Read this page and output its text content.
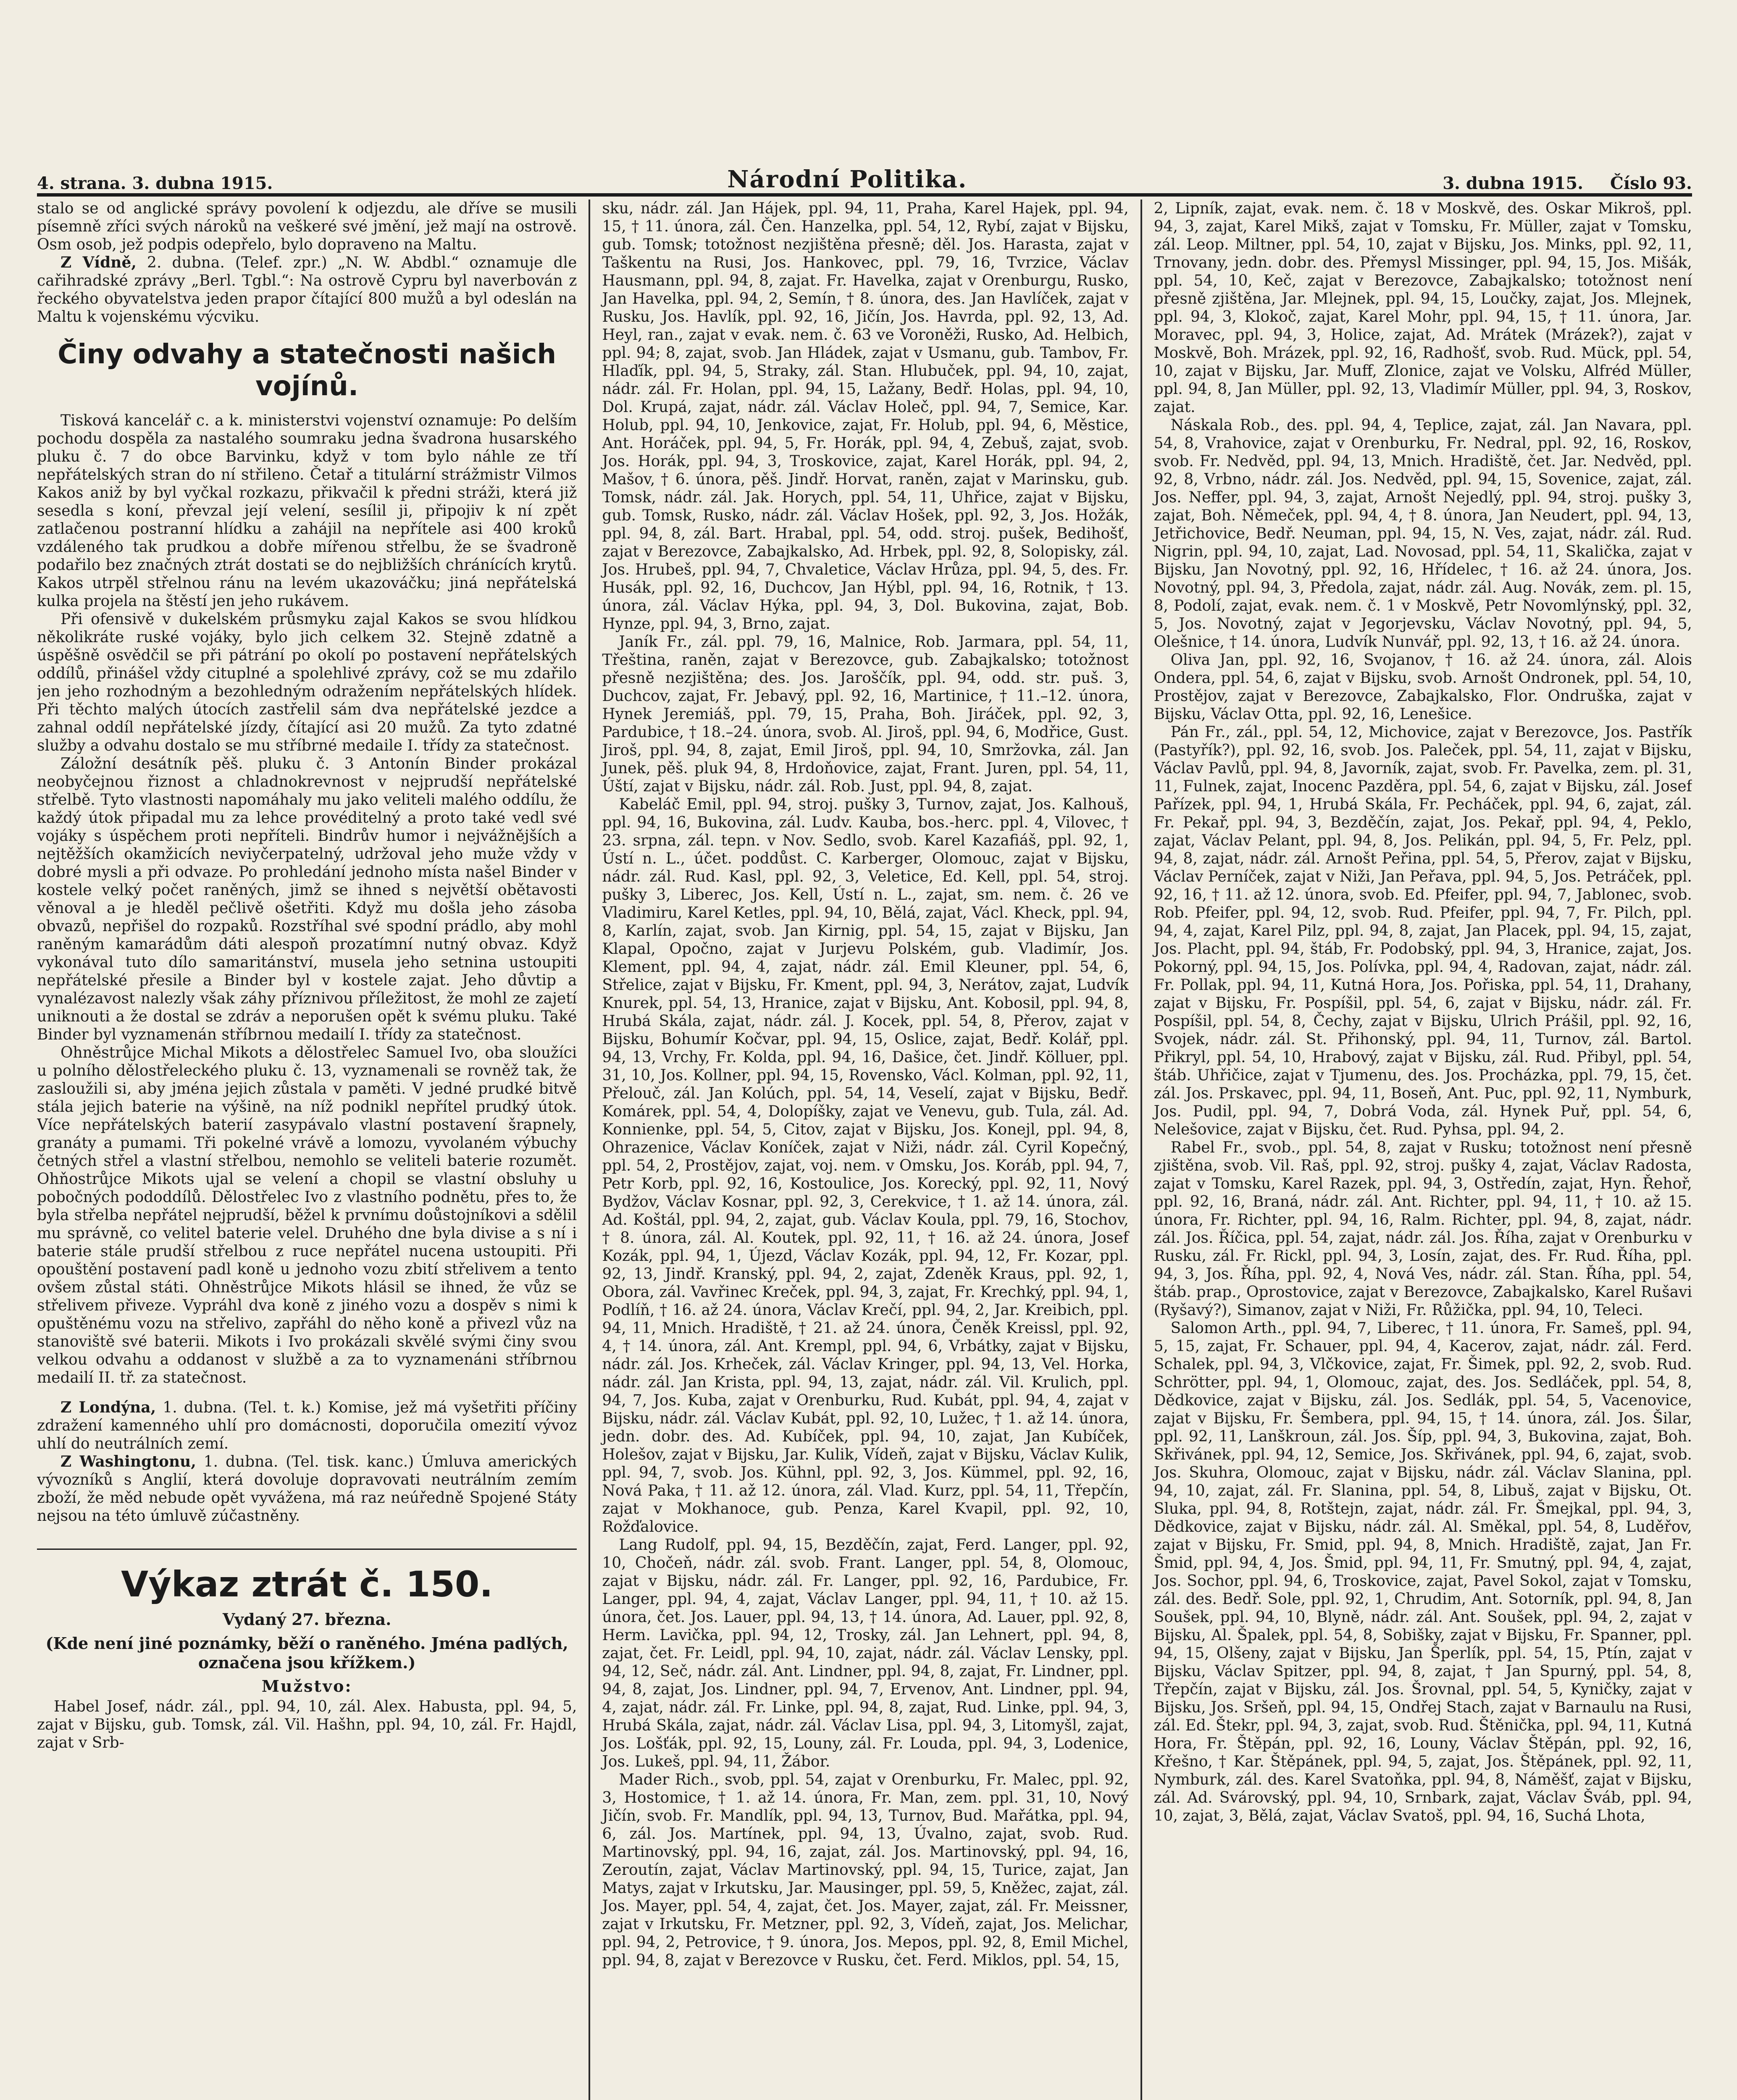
4. strana. 3. dubna 1915.	Národní Politika.	3. dubna 1915. Číslo 93.

stalo se od anglické správy povolení k odjezdu, ale dříve se musili písemně zříci svých nároků na veškeré své jmění, jež mají na ostrově. Osm osob, jež podpis odepřelo, bylo dopraveno na Maltu.

Z Vídně, 2. dubna. (Telef. zpr.) „N. W. Abdbl.“ oznamuje dle cařihradské zprávy „Berl. Tgbl.“: Na ostrově Cypru byl naverbován z řeckého obyvatelstva jeden prapor čítající 800 mužů a byl odeslán na Maltu k vojenskému výcviku.

Činy odvahy a statečnosti našich vojínů.

Tisková kancelář c. a k. ministerstvi vojenství oznamuje: Po delším pochodu dospěla za nastalého soumraku jedna švadrona husarského pluku č. 7 do obce Barvinku, když v tom bylo náhle ze tří nepřátelských stran do ní střileno. Četař a titulární strážmistr Vilmos Kakos aniž by byl vyčkal rozkazu, přikvačil k předni stráži, která již sesedla s koní, převzal její velení, sesílil ji, připojiv k ní zpět zatlačenou postranní hlídku a zahájil na nepřítele asi 400 kroků vzdáleného tak prudkou a dobře mířenou střelbu, že se švadroně podařilo bez značných ztrát dostati se do nejbližších chránících krytů. Kakos utrpěl střelnou ránu na levém ukazováčku; jiná nepřátelská kulka projela na štěstí jen jeho rukávem.

Při ofensivě v dukelském průsmyku zajal Kakos se svou hlídkou několikráte ruské vojáky, bylo jich celkem 32. Stejně zdatně a úspěšně osvědčil se při pátrání po okolí po postavení nepřátelských oddílů, přinášel vždy cituplné a spolehlivé zprávy, což se mu zdařilo jen jeho rozhodným a bezohledným odražením nepřátelských hlídek. Při těchto malých útocích zastřelil sám dva nepřátelské jezdce a zahnal oddíl nepřátelské jízdy, čítající asi 20 mužů. Za tyto zdatné služby a odvahu dostalo se mu stříbrné medaile I. třídy za statečnost.

Záložní desátník pěš. pluku č. 3 Antonín Binder prokázal neobyčejnou řiznost a chladnokrevnost v nejprudší nepřátelské střelbě. Tyto vlastnosti napomáhaly mu jako veliteli malého oddílu, že každý útok připadal mu za lehce provéditelný a proto také vedl své vojáky s úspěchem proti nepříteli. Bindrův humor i nejvážnějších a nejtěžších okamžicích neviyčerpatelný, udržoval jeho muže vždy v dobré mysli a při odvaze. Po prohledání jednoho místa našel Binder v kostele velký počet raněných, jimž se ihned s největší obětavosti věnoval a je hleděl pečlivě ošetřiti. Když mu došla jeho zásoba obvazů, nepřišel do rozpaků. Rozstříhal své spodní prádlo, aby mohl raněným kamarádům dáti alespoň prozatímní nutný obvaz. Když vykonával tuto dílo samaritánství, musela jeho setnina ustoupiti nepřátelské přesile a Binder byl v kostele zajat. Jeho důvtip a vynalézavost nalezly však záhy příznivou příležitost, že mohl ze zajetí uniknouti a že dostal se zdráv a neporušen opět k svému pluku. Také Binder byl vyznamenán stříbrnou medailí I. třídy za statečnost.

Ohněstrůjce Michal Mikots a dělostřelec Samuel Ivo, oba sloužíci u polního dělostřeleckého pluku č. 13, vyznamenali se rovněž tak, že zasloužili si, aby jména jejich zůstala v paměti. V jedné prudké bitvě stála jejich baterie na výšině, na níž podnikl nepřítel prudký útok. Více nepřátelských baterií zasypávalo vlastní postavení šrapnely, granáty a pumami. Tři pokelné vrávě a lomozu, vyvolaném výbuchy četných střel a vlastní střelbou, nemohlo se veliteli baterie rozumět. Ohňostrůjce Mikots ujal se velení a chopil se vlastní obsluhy u pobočných pododdílů. Dělostřelec Ivo z vlastního podnětu, přes to, že byla střelba nepřátel nejprudší, běžel k prvnímu doůstojníkovi a sdělil mu správně, co velitel baterie velel. Druhého dne byla divise a s ní i baterie stále prudší střelbou z ruce nepřátel nucena ustoupiti. Při opouštění postavení padl koně u jednoho vozu zbití střelivem a tento ovšem zůstal státi. Ohněstrůjce Mikots hlásil se ihned, že vůz se střelivem přiveze. Vypráhl dva koně z jiného vozu a dospěv s nimi k opuštěnému vozu na střelivo, zapřáhl do něho koně a přivezl vůz na stanoviště své baterii. Mikots i Ivo prokázali skvělé svými činy svou velkou odvahu a oddanost v službě a za to vyznamenáni stříbrnou medailí II. tř. za statečnost.

Z Londýna, 1. dubna. (Tel. t. k.) Komise, jež má vyšetřiti příčiny zdražení kamenného uhlí pro domácnosti, doporučila omezití vývoz uhlí do neutrálních zemí.

Z Washingtonu, 1. dubna. (Tel. tisk. kanc.) Úmluva amerických vývozníků s Anglií, která dovoluje dopravovati neutrálním zemím zboží, že měd nebude opět vyvážena, má raz neúředně Spojené Státy nejsou na této úmluvě zúčastněny.

Výkaz ztrát č. 150.
Vydaný 27. března.
(Kde není jiné poznámky, běží o raněného. Jména padlých, označena jsou křížkem.)
Mužstvo:

Habel Josef, nádr. zál., ppl. 94, 10, zál. Alex. Habusta, ppl. 94, 5, zajat v Bijsku, gub. Tomsk, zál. Vil. Hašhn, ppl. 94, 10, zál. Fr. Hajdl, zajat v Srb-

sku, nádr. zál. Jan Hájek, ppl. 94, 11, Praha, Karel Hajek, ppl. 94, 15, † 11. února, zál. Čen. Hanzelka, ppl. 54, 12, Rybí, zajat v Bijsku, gub. Tomsk; totožnost nezjištěna přesně; děl. Jos. Harasta, zajat v Taškentu na Rusi, Jos. Hankovec, ppl. 79, 16, Tvrzice, Václav Hausmann, ppl. 94, 8, zajat. Fr. Havelka, zajat v Orenburgu, Rusko, Jan Havelka, ppl. 94, 2, Semín, † 8. února, des. Jan Havlíček, zajat v Rusku, Jos. Havlík, ppl. 92, 16, Jičín, Jos. Havrda, ppl. 92, 13, Ad. Heyl, ran., zajat v evak. nem. č. 63 ve Voroněži, Rusko, Ad. Helbich, ppl. 94; 8, zajat, svob. Jan Hládek, zajat v Usmanu, gub. Tambov, Fr. Hlaďík, ppl. 94, 5, Straky, zál. Stan. Hlubuček, ppl. 94, 10, zajat, nádr. zál. Fr. Holan, ppl. 94, 15, Lažany, Bedř. Holas, ppl. 94, 10, Dol. Krupá, zajat, nádr. zál. Václav Holeč, ppl. 94, 7, Semice, Kar. Holub, ppl. 94, 10, Jenkovice, zajat, Fr. Holub, ppl. 94, 6, Městice, Ant. Horáček, ppl. 94, 5, Fr. Horák, ppl. 94, 4, Zebuš, zajat, svob. Jos. Horák, ppl. 94, 3, Troskovice, zajat, Karel Horák, ppl. 94, 2, Mašov, † 6. února, pěš. Jindř. Horvat, raněn, zajat v Marinsku, gub. Tomsk, nádr. zál. Jak. Horych, ppl. 54, 11, Uhřice, zajat v Bijsku, gub. Tomsk, Rusko, nádr. zál. Václav Hošek, ppl. 92, 3, Jos. Hožák, ppl. 94, 8, zál. Bart. Hrabal, ppl. 54, odd. stroj. pušek, Bedihošť, zajat v Berezovce, Zabajkalsko, Ad. Hrbek, ppl. 92, 8, Solopisky, zál. Jos. Hrubeš, ppl. 94, 7, Chvaletice, Václav Hrůza, ppl. 94, 5, des. Fr. Husák, ppl. 92, 16, Duchcov, Jan Hýbl, ppl. 94, 16, Rotnik, † 13. února, zál. Václav Hýka, ppl. 94, 3, Dol. Bukovina, zajat, Bob. Hynze, ppl. 94, 3, Brno, zajat.

Janík Fr., zál. ppl. 79, 16, Malnice, Rob. Jarmara, ppl. 54, 11, Třeština, raněn, zajat v Berezovce, gub. Zabajkalsko; totožnost přesně nezjištěna; des. Jos. Jaroščík, ppl. 94, odd. str. puš. 3, Duchcov, zajat, Fr. Jebavý, ppl. 92, 16, Martinice, † 11.–12. února, Hynek Jeremiáš, ppl. 79, 15, Praha, Boh. Jiráček, ppl. 92, 3, Pardubice, † 18.–24. února, svob. Al. Jiroš, ppl. 94, 6, Modřice, Gust. Jiroš, ppl. 94, 8, zajat, Emil Jiroš, ppl. 94, 10, Smržovka, zál. Jan Junek, pěš. pluk 94, 8, Hrdoňovice, zajat, Frant. Juren, ppl. 54, 11, Úští, zajat v Bijsku, nádr. zál. Rob. Just, ppl. 94, 8, zajat.

Kabeláč Emil, ppl. 94, stroj. pušky 3, Turnov, zajat, Jos. Kalhouš, ppl. 94, 16, Bukovina, zál. Ludv. Kauba, bos.-herc. ppl. 4, Vilovec, † 23. srpna, zál. tepn. v Nov. Sedlo, svob. Karel Kazafiáš, ppl. 92, 1, Ústí n. L., účet. poddůst. C. Karberger, Olomouc, zajat v Bijsku, nádr. zál. Rud. Kasl, ppl. 92, 3, Veletice, Ed. Kell, ppl. 54, stroj. pušky 3, Liberec, Jos. Kell, Ústí n. L., zajat, sm. nem. č. 26 ve Vladimiru, Karel Ketles, ppl. 94, 10, Bělá, zajat, Václ. Kheck, ppl. 94, 8, Karlín, zajat, svob. Jan Kirnig, ppl. 54, 15, zajat v Bijsku, Jan Klapal, Opočno, zajat v Jurjevu Polském, gub. Vladimír, Jos. Klement, ppl. 94, 4, zajat, nádr. zál. Emil Kleuner, ppl. 54, 6, Střelice, zajat v Bijsku, Fr. Kment, ppl. 94, 3, Nerátov, zajat, Ludvík Knurek, ppl. 54, 13, Hranice, zajat v Bijsku, Ant. Kobosil, ppl. 94, 8, Hrubá Skála, zajat, nádr. zál. J. Kocek, ppl. 54, 8, Přerov, zajat v Bijsku, Bohumír Kočvar, ppl. 94, 15, Oslice, zajat, Bedř. Kolář, ppl. 94, 13, Vrchy, Fr. Kolda, ppl. 94, 16, Dašice, čet. Jindř. Kölluer, ppl. 31, 10, Jos. Kollner, ppl. 94, 15, Rovensko, Václ. Kolman, ppl. 92, 11, Přelouč, zál. Jan Kolúch, ppl. 54, 14, Veselí, zajat v Bijsku, Bedř. Komárek, ppl. 54, 4, Dolopíšky, zajat ve Venevu, gub. Tula, zál. Ad. Konnienke, ppl. 54, 5, Citov, zajat v Bijsku, Jos. Konejl, ppl. 94, 8, Ohrazenice, Václav Koníček, zajat v Niži, nádr. zál. Cyril Kopečný, ppl. 54, 2, Prostějov, zajat, voj. nem. v Omsku, Jos. Koráb, ppl. 94, 7, Petr Korb, ppl. 92, 16, Kostoulice, Jos. Korecký, ppl. 92, 11, Nový Bydžov, Václav Kosnar, ppl. 92, 3, Cerekvice, † 1. až 14. února, zál. Ad. Koštál, ppl. 94, 2, zajat, gub. Václav Koula, ppl. 79, 16, Stochov, † 8. února, zál. Al. Koutek, ppl. 92, 11, † 16. až 24. února, Josef Kozák, ppl. 94, 1, Újezd, Václav Kozák, ppl. 94, 12, Fr. Kozar, ppl. 92, 13, Jindř. Kranský, ppl. 94, 2, zajat, Zdeněk Kraus, ppl. 92, 1, Obora, zál. Vavřinec Kreček, ppl. 94, 3, zajat, Fr. Krechký, ppl. 94, 1, Podlíň, † 16. až 24. února, Václav Krečí, ppl. 94, 2, Jar. Kreibich, ppl. 94, 11, Mnich. Hradiště, † 21. až 24. února, Čeněk Kreissl, ppl. 92, 4, † 14. února, zál. Ant. Krempl, ppl. 94, 6, Vrbátky, zajat v Bijsku, nádr. zál. Jos. Krheček, zál. Václav Kringer, ppl. 94, 13, Vel. Horka, nádr. zál. Jan Krista, ppl. 94, 13, zajat, nádr. zál. Vil. Krulich, ppl. 94, 7, Jos. Kuba, zajat v Orenburku, Rud. Kubát, ppl. 94, 4, zajat v Bijsku, nádr. zál. Václav Kubát, ppl. 92, 10, Lužec, † 1. až 14. února, jedn. dobr. des. Ad. Kubíček, ppl. 94, 10, zajat, Jan Kubíček, Holešov, zajat v Bijsku, Jar. Kulik, Vídeň, zajat v Bijsku, Václav Kulik, ppl. 94, 7, svob. Jos. Kühnl, ppl. 92, 3, Jos. Kümmel, ppl. 92, 16, Nová Paka, † 11. až 12. února, zál. Vlad. Kurz, ppl. 54, 11, Třepčín, zajat v Mokhanoce, gub. Penza, Karel Kvapil, ppl. 92, 10, Rožďalovice.

Lang Rudolf, ppl. 94, 15, Bezděčín, zajat, Ferd. Langer, ppl. 92, 10, Chočeň, nádr. zál. svob. Frant. Langer, ppl. 54, 8, Olomouc, zajat v Bijsku, nádr. zál. Fr. Langer, ppl. 92, 16, Pardubice, Fr. Langer, ppl. 94, 4, zajat, Václav Langer, ppl. 94, 11, † 10. až 15. února, čet. Jos. Lauer, ppl. 94, 13, † 14. února, Ad. Lauer, ppl. 92, 8, Herm. Lavička, ppl. 94, 12, Trosky, zál. Jan Lehnert, ppl. 94, 8, zajat, čet. Fr. Leidl, ppl. 94, 10, zajat, nádr. zál. Václav Lensky, ppl. 94, 12, Seč, nádr. zál. Ant. Lindner, ppl. 94, 8, zajat, Fr. Lindner, ppl. 94, 8, zajat, Jos. Lindner, ppl. 94, 7, Ervenov, Ant. Lindner, ppl. 94, 4, zajat, nádr. zál. Fr. Linke, ppl. 94, 8, zajat, Rud. Linke, ppl. 94, 3, Hrubá Skála, zajat, nádr. zál. Václav Lisa, ppl. 94, 3, Litomyšl, zajat, Jos. Lošťák, ppl. 92, 15, Louny, zál. Fr. Louda, ppl. 94, 3, Lodenice, Jos. Lukeš, ppl. 94, 11, Žábor.

Mader Rich., svob, ppl. 54, zajat v Orenburku, Fr. Malec, ppl. 92, 3, Hostomice, † 1. až 14. února, Fr. Man, zem. ppl. 31, 10, Nový Jičín, svob. Fr. Mandlík, ppl. 94, 13, Turnov, Bud. Mařátka, ppl. 94, 6, zál. Jos. Martínek, ppl. 94, 13, Úvalno, zajat, svob. Rud. Martinovský, ppl. 94, 16, zajat, zál. Jos. Martinovský, ppl. 94, 16, Zeroutín, zajat, Václav Martinovský, ppl. 94, 15, Turice, zajat, Jan Matys, zajat v Irkutsku, Jar. Mausinger, ppl. 59, 5, Kněžec, zajat, zál. Jos. Mayer, ppl. 54, 4, zajat, čet. Jos. Mayer, zajat, zál. Fr. Meissner, zajat v Irkutsku, Fr. Metzner, ppl. 92, 3, Vídeň, zajat, Jos. Melichar, ppl. 94, 2, Petrovice, † 9. února, Jos. Mepos, ppl. 92, 8, Emil Michel, ppl. 94, 8, zajat v Berezovce v Rusku, čet. Ferd. Miklos, ppl. 54, 15,

2, Lipník, zajat, evak. nem. č. 18 v Moskvě, des. Oskar Mikroš, ppl. 94, 3, zajat, Karel Mikš, zajat v Tomsku, Fr. Müller, zajat v Tomsku, zál. Leop. Miltner, ppl. 54, 10, zajat v Bijsku, Jos. Minks, ppl. 92, 11, Trnovany, jedn. dobr. des. Přemysl Missinger, ppl. 94, 15, Jos. Mišák, ppl. 54, 10, Keč, zajat v Berezovce, Zabajkalsko; totožnost není přesně zjištěna, Jar. Mlejnek, ppl. 94, 15, Loučky, zajat, Jos. Mlejnek, ppl. 94, 3, Klokoč, zajat, Karel Mohr, ppl. 94, 15, † 11. února, Jar. Moravec, ppl. 94, 3, Holice, zajat, Ad. Mrátek (Mrázek?), zajat v Moskvě, Boh. Mrázek, ppl. 92, 16, Radhošť, svob. Rud. Mück, ppl. 54, 10, zajat v Bijsku, Jar. Muff, Zlonice, zajat ve Volsku, Alfréd Müller, ppl. 94, 8, Jan Müller, ppl. 92, 13, Vladimír Müller, ppl. 94, 3, Roskov, zajat.

Náskala Rob., des. ppl. 94, 4, Teplice, zajat, zál. Jan Navara, ppl. 54, 8, Vrahovice, zajat v Orenburku, Fr. Nedral, ppl. 92, 16, Roskov, svob. Fr. Nedvěd, ppl. 94, 13, Mnich. Hradiště, čet. Jar. Nedvěd, ppl. 92, 8, Vrbno, nádr. zál. Jos. Nedvěd, ppl. 94, 15, Sovenice, zajat, zál. Jos. Neffer, ppl. 94, 3, zajat, Arnošt Nejedlý, ppl. 94, stroj. pušky 3, zajat, Boh. Němeček, ppl. 94, 4, † 8. února, Jan Neudert, ppl. 94, 13, Jetřichovice, Bedř. Neuman, ppl. 94, 15, N. Ves, zajat, nádr. zál. Rud. Nigrin, ppl. 94, 10, zajat, Lad. Novosad, ppl. 54, 11, Skalička, zajat v Bijsku, Jan Novotný, ppl. 92, 16, Hřídelec, † 16. až 24. února, Jos. Novotný, ppl. 94, 3, Předola, zajat, nádr. zál. Aug. Novák, zem. pl. 15, 8, Podolí, zajat, evak. nem. č. 1 v Moskvě, Petr Novomlýnský, ppl. 32, 5, Jos. Novotný, zajat v Jegorjevsku, Václav Novotný, ppl. 94, 5, Olešnice, † 14. února, Ludvík Nunvář, ppl. 92, 13, † 16. až 24. února.

Oliva Jan, ppl. 92, 16, Svojanov, † 16. až 24. února, zál. Alois Ondera, ppl. 54, 6, zajat v Bijsku, svob. Arnošt Ondronek, ppl. 54, 10, Prostějov, zajat v Berezovce, Zabajkalsko, Flor. Ondruška, zajat v Bijsku, Václav Otta, ppl. 92, 16, Lenešice.

Pán Fr., zál., ppl. 54, 12, Michovice, zajat v Berezovce, Jos. Pastřík (Pastyřík?), ppl. 92, 16, svob. Jos. Paleček, ppl. 54, 11, zajat v Bijsku, Václav Pavlů, ppl. 94, 8, Javorník, zajat, svob. Fr. Pavelka, zem. pl. 31, 11, Fulnek, zajat, Inocenc Pazděra, ppl. 54, 6, zajat v Bijsku, zál. Josef Pařízek, ppl. 94, 1, Hrubá Skála, Fr. Pecháček, ppl. 94, 6, zajat, zál. Fr. Pekař, ppl. 94, 3, Bezděčín, zajat, Jos. Pekař, ppl. 94, 4, Peklo, zajat, Václav Pelant, ppl. 94, 8, Jos. Pelikán, ppl. 94, 5, Fr. Pelz, ppl. 94, 8, zajat, nádr. zál. Arnošt Peřina, ppl. 54, 5, Přerov, zajat v Bijsku, Václav Perníček, zajat v Niži, Jan Peřava, ppl. 94, 5, Jos. Petráček, ppl. 92, 16, † 11. až 12. února, svob. Ed. Pfeifer, ppl. 94, 7, Jablonec, svob. Rob. Pfeifer, ppl. 94, 12, svob. Rud. Pfeifer, ppl. 94, 7, Fr. Pilch, ppl. 94, 4, zajat, Karel Pilz, ppl. 94, 8, zajat, Jan Placek, ppl. 94, 15, zajat, Jos. Placht, ppl. 94, štáb, Fr. Podobský, ppl. 94, 3, Hranice, zajat, Jos. Pokorný, ppl. 94, 15, Jos. Polívka, ppl. 94, 4, Radovan, zajat, nádr. zál. Fr. Pollak, ppl. 94, 11, Kutná Hora, Jos. Pořiska, ppl. 54, 11, Drahany, zajat v Bijsku, Fr. Pospíšil, ppl. 54, 6, zajat v Bijsku, nádr. zál. Fr. Pospíšil, ppl. 54, 8, Čechy, zajat v Bijsku, Ulrich Prášil, ppl. 92, 16, Svojek, nádr. zál. St. Přihonský, ppl. 94, 11, Turnov, zál. Bartol. Přikryl, ppl. 54, 10, Hrabový, zajat v Bijsku, zál. Rud. Přibyl, ppl. 54, štáb. Uhřičice, zajat v Tjumenu, des. Jos. Procházka, ppl. 79, 15, čet. zál. Jos. Prskavec, ppl. 94, 11, Boseň, Ant. Puc, ppl. 92, 11, Nymburk, Jos. Pudil, ppl. 94, 7, Dobrá Voda, zál. Hynek Puř, ppl. 54, 6, Nelešovice, zajat v Bijsku, čet. Rud. Pyhsa, ppl. 94, 2.

Rabel Fr., svob., ppl. 54, 8, zajat v Rusku; totožnost není přesně zjištěna, svob. Vil. Raš, ppl. 92, stroj. pušky 4, zajat, Václav Radosta, zajat v Tomsku, Karel Razek, ppl. 94, 3, Ostředín, zajat, Hyn. Řehoř, ppl. 92, 16, Braná, nádr. zál. Ant. Richter, ppl. 94, 11, † 10. až 15. února, Fr. Richter, ppl. 94, 16, Ralm. Richter, ppl. 94, 8, zajat, nádr. zál. Jos. Říčica, ppl. 54, zajat, nádr. zál. Jos. Říha, zajat v Orenburku v Rusku, zál. Fr. Rickl, ppl. 94, 3, Losín, zajat, des. Fr. Rud. Říha, ppl. 94, 3, Jos. Říha, ppl. 92, 4, Nová Ves, nádr. zál. Stan. Říha, ppl. 54, štáb. prap., Oprostovice, zajat v Berezovce, Zabajkalsko, Karel Rušavi (Ryšavý?), Simanov, zajat v Niži, Fr. Růžička, ppl. 94, 10, Teleci.

Salomon Arth., ppl. 94, 7, Liberec, † 11. února, Fr. Sameš, ppl. 94, 5, 15, zajat, Fr. Schauer, ppl. 94, 4, Kacerov, zajat, nádr. zál. Ferd. Schalek, ppl. 94, 3, Vlčkovice, zajat, Fr. Šimek, ppl. 92, 2, svob. Rud. Schrötter, ppl. 94, 1, Olomouc, zajat, des. Jos. Sedláček, ppl. 54, 8, Dědkovice, zajat v Bijsku, zál. Jos. Sedlák, ppl. 54, 5, Vacenovice, zajat v Bijsku, Fr. Šembera, ppl. 94, 15, † 14. února, zál. Jos. Šilar, ppl. 92, 11, Lanškroun, zál. Jos. Šíp, ppl. 94, 3, Bukovina, zajat, Boh. Skřivánek, ppl. 94, 12, Semice, Jos. Skřivánek, ppl. 94, 6, zajat, svob. Jos. Skuhra, Olomouc, zajat v Bijsku, nádr. zál. Václav Slanina, ppl. 94, 10, zajat, zál. Fr. Slanina, ppl. 54, 8, Libuš, zajat v Bijsku, Ot. Sluka, ppl. 94, 8, Rotštejn, zajat, nádr. zál. Fr. Šmejkal, ppl. 94, 3, Dědkovice, zajat v Bijsku, nádr. zál. Al. Směkal, ppl. 54, 8, Luděřov, zajat v Bijsku, Fr. Smid, ppl. 94, 8, Mnich. Hradiště, zajat, Jan Fr. Šmid, ppl. 94, 4, Jos. Šmid, ppl. 94, 11, Fr. Smutný, ppl. 94, 4, zajat, Jos. Sochor, ppl. 94, 6, Troskovice, zajat, Pavel Sokol, zajat v Tomsku, zál. des. Bedř. Sole, ppl. 92, 1, Chrudim, Ant. Sotorník, ppl. 94, 8, Jan Soušek, ppl. 94, 10, Blyně, nádr. zál. Ant. Soušek, ppl. 94, 2, zajat v Bijsku, Al. Špalek, ppl. 54, 8, Sobišky, zajat v Bijsku, Fr. Spanner, ppl. 94, 15, Olšeny, zajat v Bijsku, Jan Šperlík, ppl. 54, 15, Ptín, zajat v Bijsku, Václav Spitzer, ppl. 94, 8, zajat, † Jan Spurný, ppl. 54, 8, Třepčín, zajat v Bijsku, zál. Jos. Šrovnal, ppl. 54, 5, Kyničky, zajat v Bijsku, Jos. Sršeň, ppl. 94, 15, Ondřej Stach, zajat v Barnaulu na Rusi, zál. Ed. Štekr, ppl. 94, 3, zajat, svob. Rud. Štěnička, ppl. 94, 11, Kutná Hora, Fr. Štěpán, ppl. 92, 16, Louny, Václav Štěpán, ppl. 92, 16, Křešno, † Kar. Štěpánek, ppl. 94, 5, zajat, Jos. Štěpánek, ppl. 92, 11, Nymburk, zál. des. Karel Svatoňka, ppl. 94, 8, Náměšť, zajat v Bijsku, zál. Ad. Svárovský, ppl. 94, 10, Srnbark, zajat, Václav Šváb, ppl. 94, 10, zajat, 3, Bělá, zajat, Václav Svatoš, ppl. 94, 16, Suchá Lhota,
